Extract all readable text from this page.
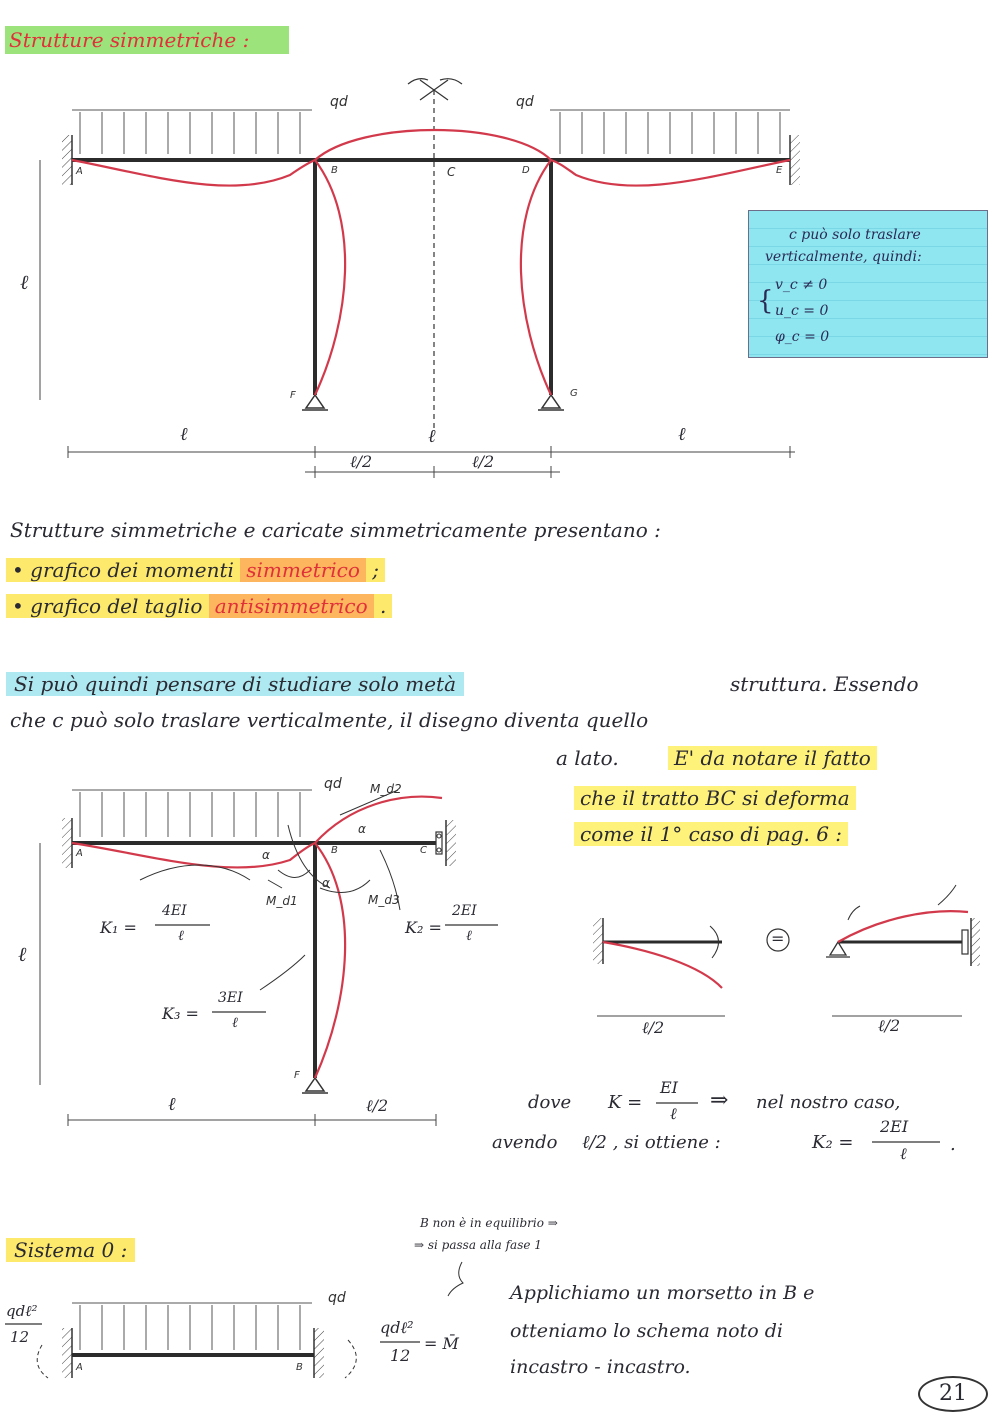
Strutture simmetriche :
qd	qd
A	B	C	D	E
F	G
ℓ
ℓ	ℓ	ℓ
ℓ/2	ℓ/2
c può solo traslare
verticalmente, quindi:
{
v_c ≠ 0
u_c = 0
φ_c = 0
Strutture simmetriche e caricate simmetricamente presentano :
• grafico dei momenti simmetrico ;
• grafico del taglio antisimmetrico .
Si può quindi pensare di studiare solo metà	struttura. Essendo
che c può solo traslare verticalmente, il disegno diventa quello
a lato.	E' da notare il fatto
che il tratto BC si deforma
come il 1° caso di pag. 6 :
qd
A	B	C
F
M_d2
M_d1	M_d3
α
α
α
K₁ =
4EI
ℓ	K₂ =
2EI
ℓ
K₃ =
3EI
ℓ
ℓ
ℓ	ℓ/2
=
ℓ/2	ℓ/2
dove K =
EI
ℓ
⇒ nel nostro caso,
avendo ℓ/2 , si ottiene :	K₂ =
2EI
ℓ .
Sistema 0 :
B non è in equilibrio ⇒
⇒ si passa alla fase 1
qd
qdℓ²
12	qdℓ²
12
= M̄
A	B
Applichiamo un morsetto in B e
otteniamo lo schema noto di
incastro - incastro.
21
